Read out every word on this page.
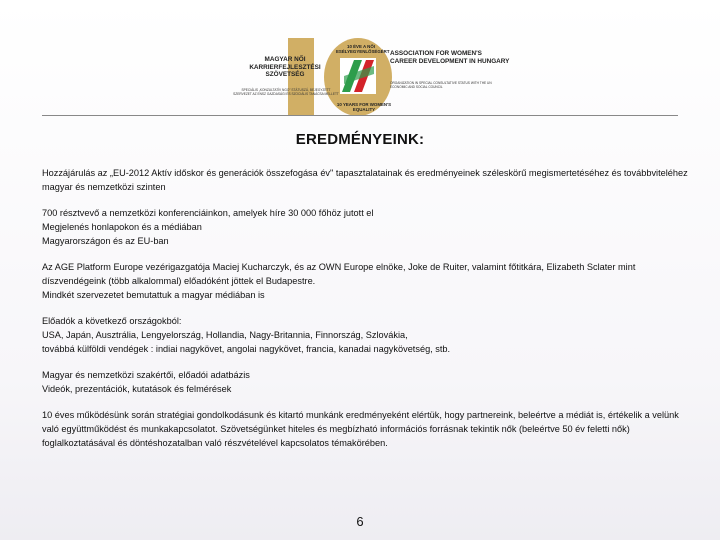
10 ÉVE A NŐI ESÉLYEGYENLŐSÉGÉRT
MAGYAR NŐI KARRIERFEJLESZTÉSI SZÖVETSÉG
SPECIÁLIS „KONZULTATÍV NGO" STÁTUSZÚ, BEJEGYZETT SZERVEZET AZ ENSZ GAZDASÁGI ÉS SZOCIÁLIS TANÁCSA MELLETT
ASSOCIATION FOR WOMEN'S CAREER DEVELOPMENT IN HUNGARY
ORGANIZATION IN SPECIAL CONSULTATIVE STATUS WITH THE UN ECONOMIC AND SOCIAL COUNCIL
10 YEARS FOR WOMEN'S EQUALITY
EREDMÉNYEINK:

Hozzájárulás az „EU-2012 Aktív időskor és generációk összefogása év" tapasztalatainak és eredményeinek széleskörű megismertetéséhez és továbbviteléhez magyar és nemzetközi szinten

700 résztvevő a nemzetközi konferenciáinkon, amelyek híre 30 000 főhöz jutott el
Megjelenés honlapokon és a médiában
Magyarországon és az EU-ban

Az AGE Platform Europe vezérigazgatója Maciej Kucharczyk, és az OWN Europe elnöke, Joke de Ruiter, valamint főtitkára, Elizabeth Sclater mint díszvendégeink (több alkalommal) előadóként jöttek el Budapestre.
Mindkét szervezetet bemutattuk a magyar médiában is

Előadók a következő országokból:
USA, Japán, Ausztrália, Lengyelország, Hollandia, Nagy-Britannia, Finnország, Szlovákia,
továbbá külföldi vendégek : indiai nagykövet, angolai nagykövet, francia, kanadai nagykövetség, stb.

Magyar és nemzetközi szakértői, előadói adatbázis
Videók, prezentációk, kutatások és felmérések

10 éves működésünk során stratégiai gondolkodásunk és kitartó munkánk eredményeként elértük, hogy partnereink, beleértve a médiát is, értékelik a velünk való együttműködést és munkakapcsolatot. Szövetségünket hiteles és megbízható információs forrásnak tekintik nők (beleértve 50 év feletti nők) foglalkoztatásával és döntéshozatalban való részvételével kapcsolatos témakörében.

6
